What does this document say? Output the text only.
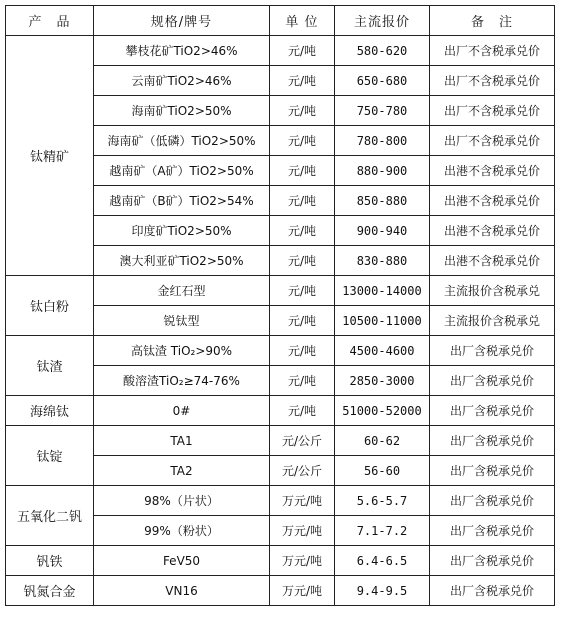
产　品	规格/牌号	单 位	主流报价	备　注
钛精矿	攀枝花矿TiO2>46%	元/吨	580-620	出厂不含税承兑价
	云南矿TiO2>46%	元/吨	650-680	出厂不含税承兑价
	海南矿TiO2>50%	元/吨	750-780	出厂不含税承兑价
	海南矿（低磷）TiO2>50%	元/吨	780-800	出厂不含税承兑价
	越南矿（A矿）TiO2>50%	元/吨	880-900	出港不含税承兑价
	越南矿（B矿）TiO2>54%	元/吨	850-880	出港不含税承兑价
	印度矿TiO2>50%	元/吨	900-940	出港不含税承兑价
	澳大利亚矿TiO2>50%	元/吨	830-880	出港不含税承兑价
钛白粉	金红石型	元/吨	13000-14000	主流报价含税承兑
	锐钛型	元/吨	10500-11000	主流报价含税承兑
钛渣	高钛渣 TiO₂>90%	元/吨	4500-4600	出厂含税承兑价
	酸溶渣TiO₂≥74-76%	元/吨	2850-3000	出厂含税承兑价
海绵钛	0#	元/吨	51000-52000	出厂含税承兑价
钛锭	TA1	元/公斤	60-62	出厂含税承兑价
	TA2	元/公斤	56-60	出厂含税承兑价
五氧化二钒	98%（片状）	万元/吨	5.6-5.7	出厂含税承兑价
	99%（粉状）	万元/吨	7.1-7.2	出厂含税承兑价
钒铁	FeV50	万元/吨	6.4-6.5	出厂含税承兑价
钒氮合金	VN16	万元/吨	9.4-9.5	出厂含税承兑价
